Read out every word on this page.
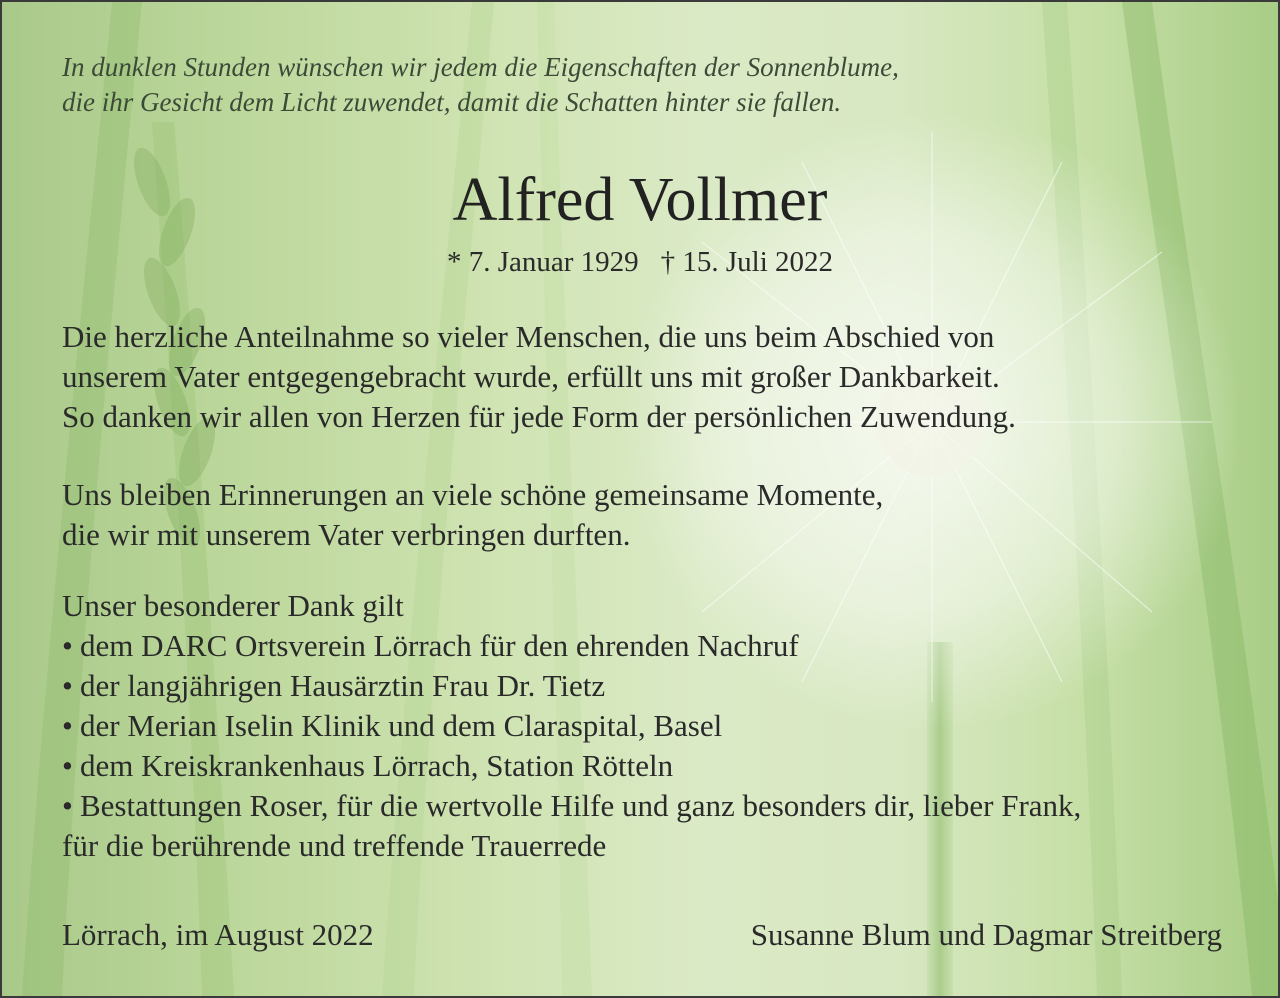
In dunklen Stunden wünschen wir jedem die Eigenschaften der Sonnenblume,
die ihr Gesicht dem Licht zuwendet, damit die Schatten hinter sie fallen.
Alfred Vollmer
* 7. Januar 1929 † 15. Juli 2022
Die herzliche Anteilnahme so vieler Menschen, die uns beim Abschied von
unserem Vater entgegengebracht wurde, erfüllt uns mit großer Dankbarkeit.
So danken wir allen von Herzen für jede Form der persönlichen Zuwendung.
Uns bleiben Erinnerungen an viele schöne gemeinsame Momente,
die wir mit unserem Vater verbringen durften.
Unser besonderer Dank gilt
• dem DARC Ortsverein Lörrach für den ehrenden Nachruf
• der langjährigen Hausärztin Frau Dr. Tietz
• der Merian Iselin Klinik und dem Claraspital, Basel
• dem Kreiskrankenhaus Lörrach, Station Rötteln
• Bestattungen Roser, für die wertvolle Hilfe und ganz besonders dir, lieber Frank,
für die berührende und treffende Trauerrede
Lörrach, im August 2022	Susanne Blum und Dagmar Streitberg
